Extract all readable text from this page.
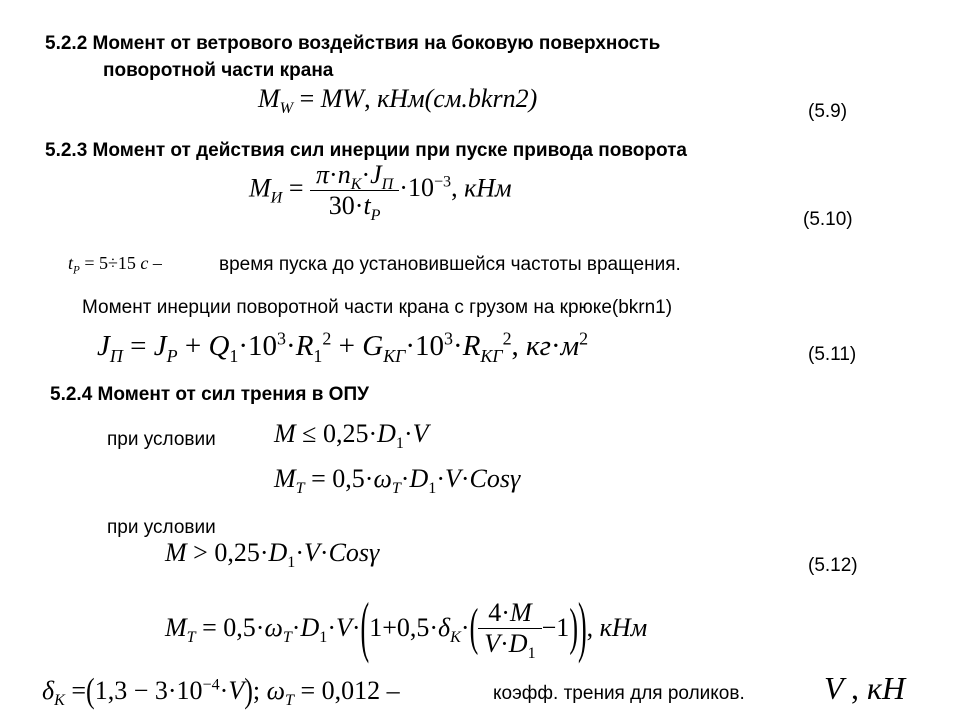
5.2.2 Момент от ветрового воздействия на боковую поверхность
поворотной части крана
$M_W$ = MW, кНм(см.bkrn2)	(5.9)
5.2.3 Момент от действия сил инерции при пуске привода поворота
$M_И = \frac{\pi\cdot n_K\cdot J_П}{30\cdot t_P} \cdot 10^{-3}$, кНм
(5.10)
$t_P = 5\div 15$ c –	время пуска до установившейся частоты вращения.
Момент инерции поворотной части крана с грузом на крюке(bkrn1)
$J_П = J_P + Q_1\cdot 10^3\cdot R_1^2 + G_{КГ}\cdot 10^3\cdot R_{КГ}^2$, $кг\cdot м^2$
(5.11)
5.2.4 Момент от сил трения в ОПУ
при условии $M \le 0,25\cdot D_1\cdot V$
$M_T = 0,5\cdot\omega_T\cdot D_1\cdot V\cdot Cos\gamma$
при условии
$M > 0,25\cdot D_1\cdot V\cdot Cos\gamma$	(5.12)
$M_T = 0,5\cdot\omega_T\cdot D_1\cdot V\cdot(1+0,5\cdot\delta_K\cdot( \frac{4\cdot M}{V\cdot D_1} -1))$, кНм
$\delta_K =(1,3 - 3\cdot 10^{-4}\cdot V)$; $\omega_T = 0,012$ –	коэфф. трения для роликов. V , кН
